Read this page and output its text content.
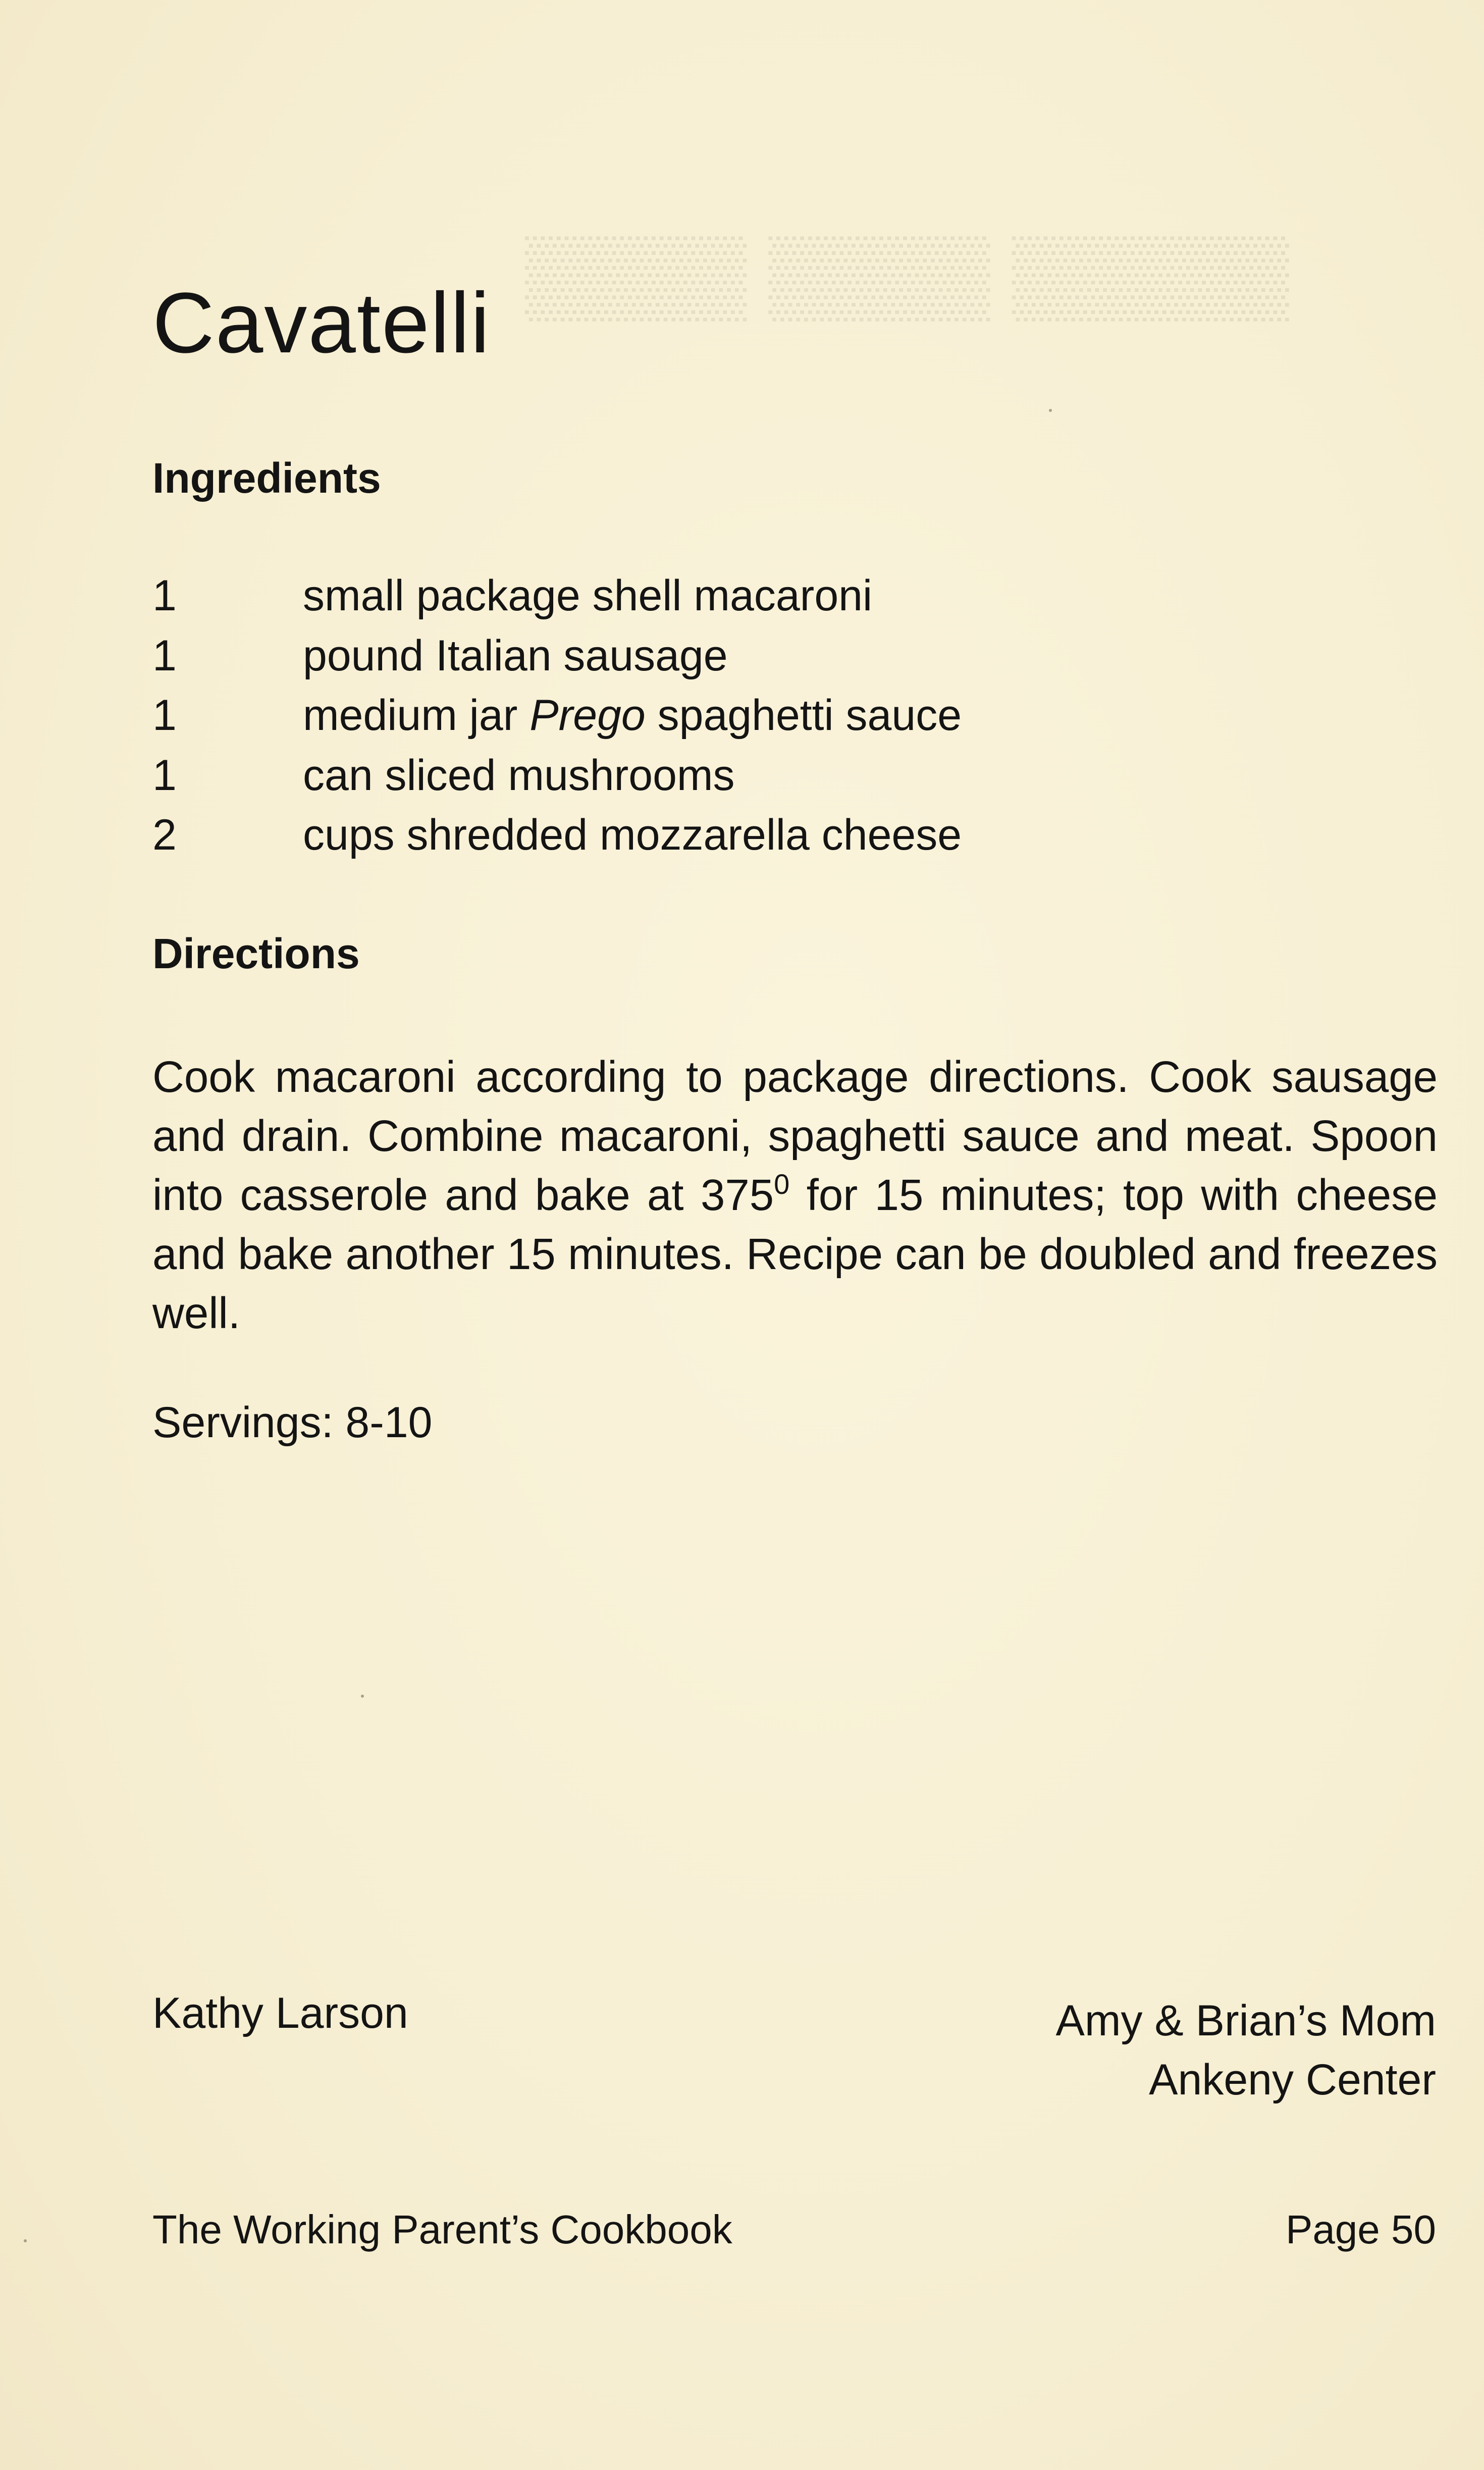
▒▒▒▒▒ ▒▒▒▒ ▒▒▒▒
Cavatelli
Ingredients
1	small package shell macaroni
1	pound Italian sausage
1	medium jar Prego spaghetti sauce
1	can sliced mushrooms
2	cups shredded mozzarella cheese
Directions

Cook macaroni according to package directions. Cook sausage and drain. Combine macaroni, spaghetti sauce and meat. Spoon into casserole and bake at $375^0$ for 15 minutes; top with cheese and bake another 15 minutes. Recipe can be doubled and freezes well.

Servings: 8-10

Kathy Larson	Amy & Brian’s Mom
Ankeny Center
The Working Parent’s Cookbook	Page 50
